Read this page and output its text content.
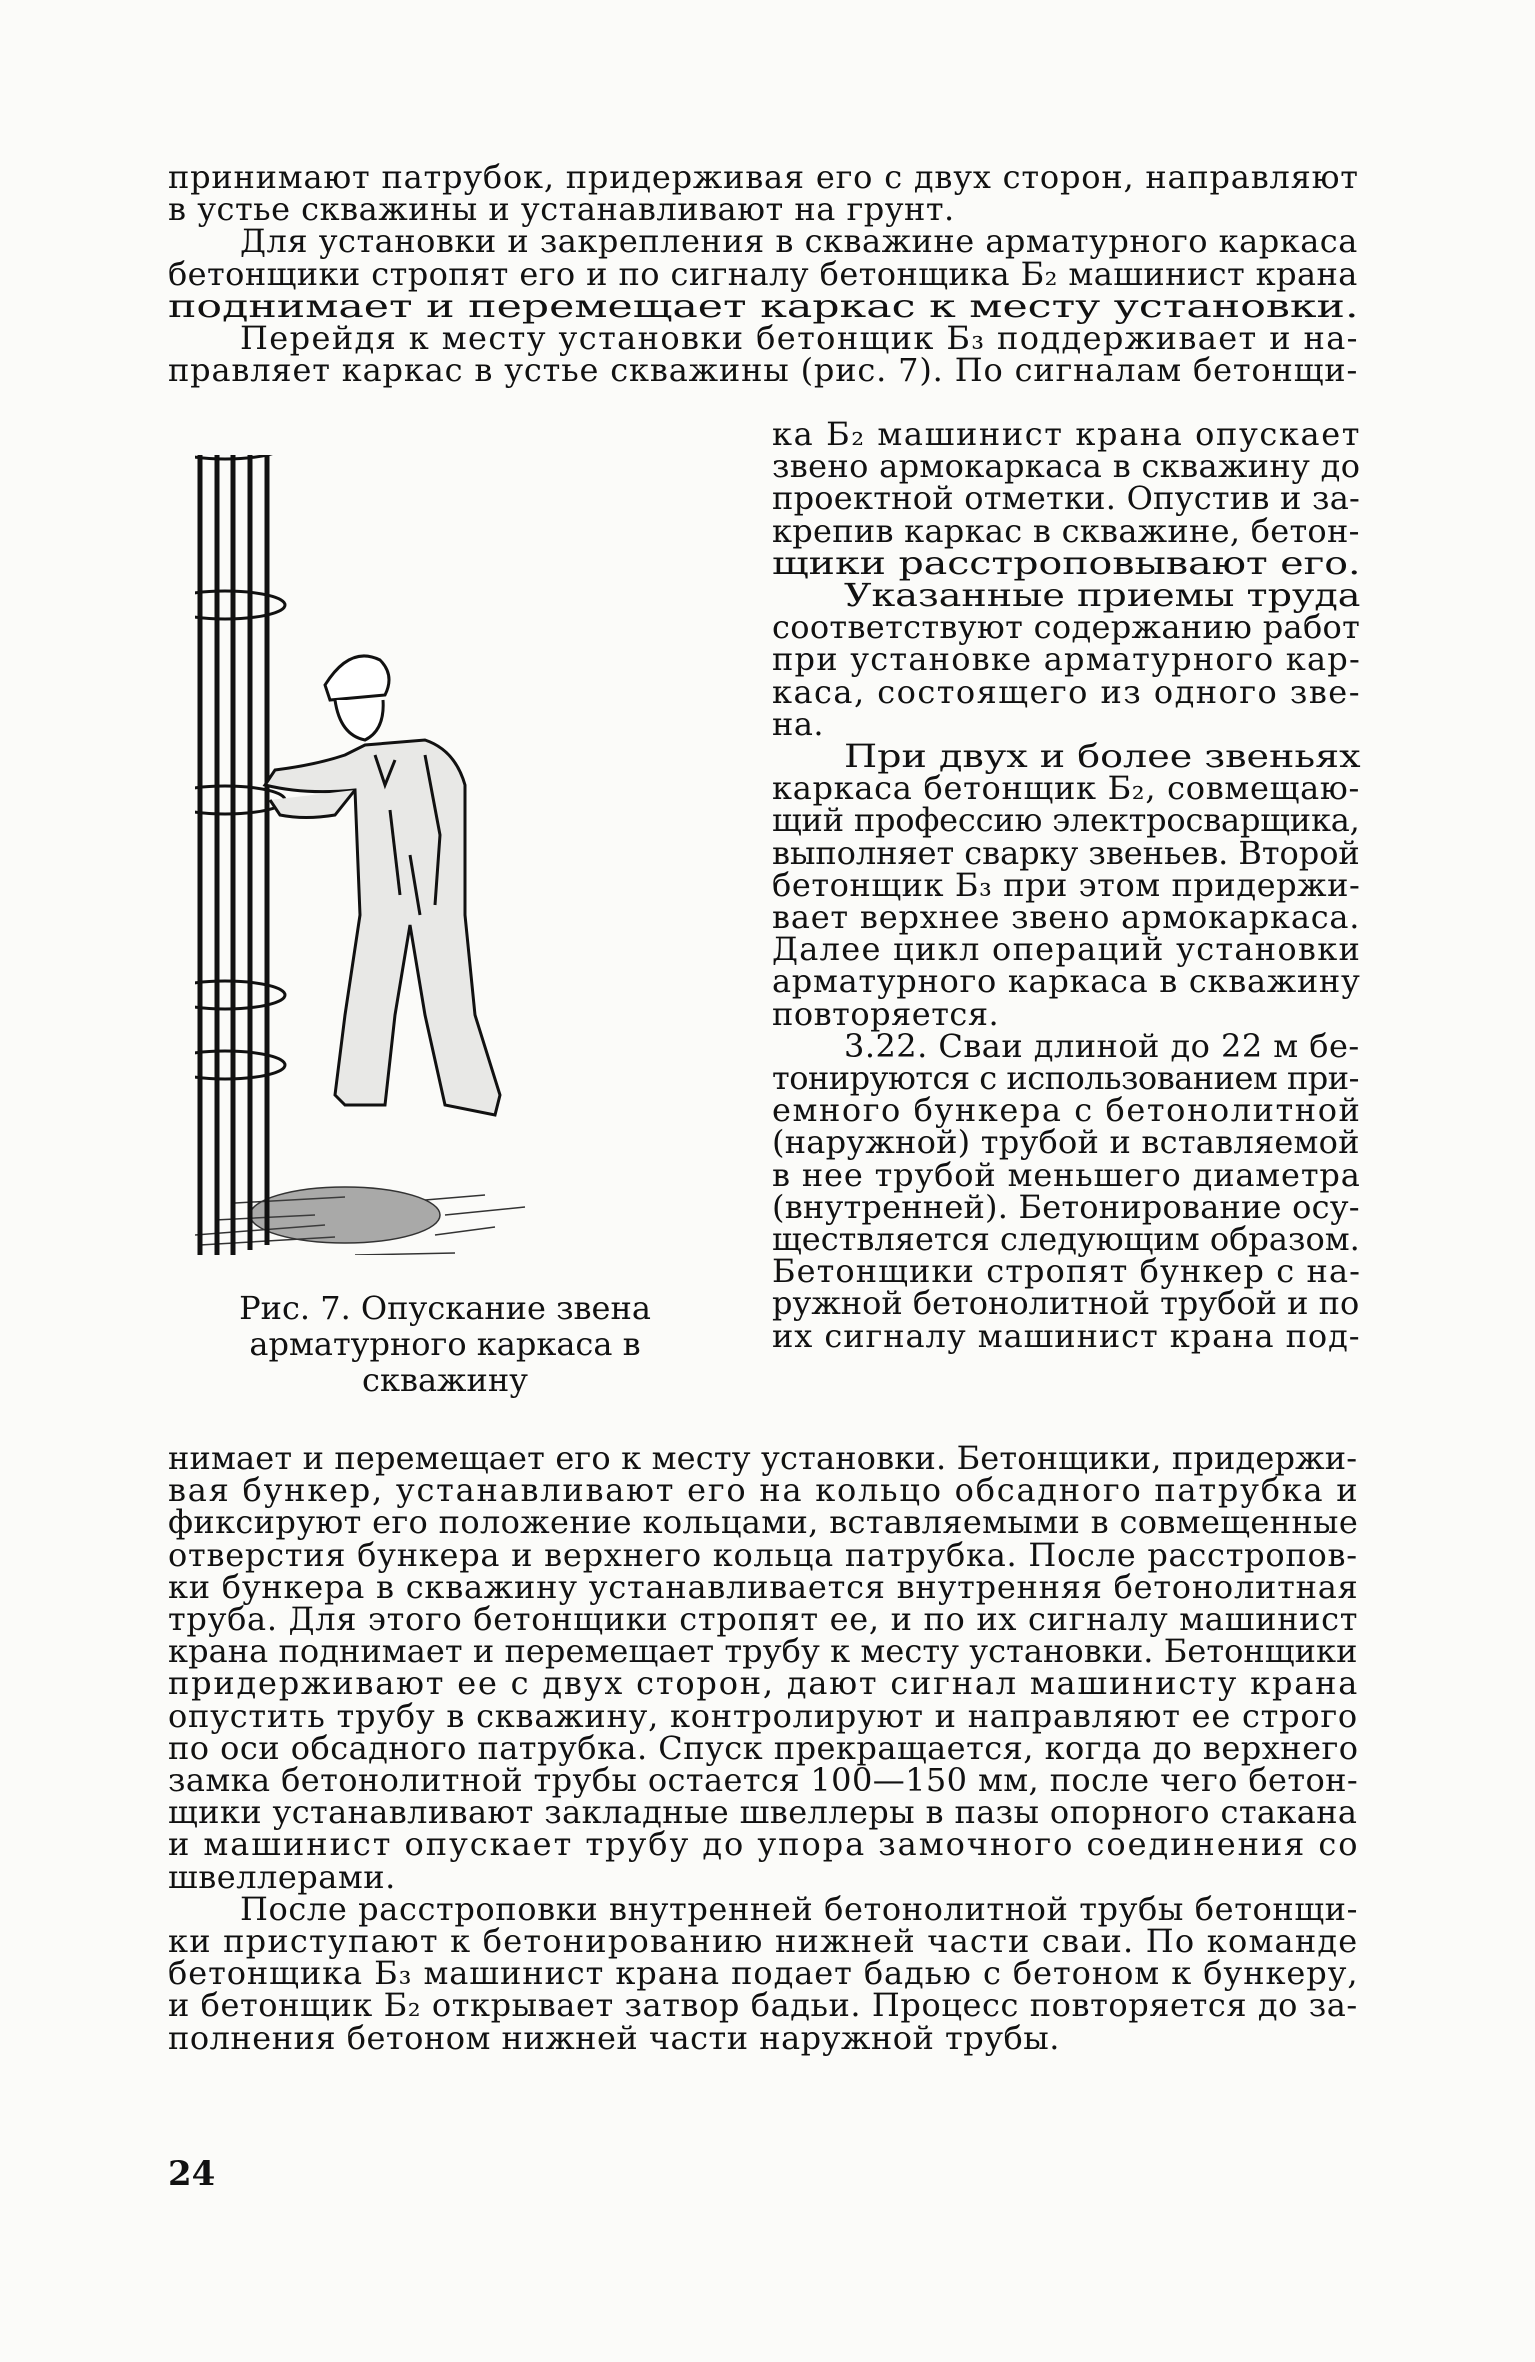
принимают патрубок, придерживая его с двух сторон, направляют
в устье скважины и устанавливают на грунт.
Для установки и закрепления в скважине арматурного каркаса
бетонщики стропят его и по сигналу бетонщика Б₂ машинист крана
поднимает и перемещает каркас к месту установки.
Перейдя к месту установки бетонщик Б₃ поддерживает и на-
правляет каркас в устье скважины (рис. 7). По сигналам бетонщи-
ка Б₂ машинист крана опускает
звено армокаркаса в скважину до
проектной отметки. Опустив и за-
крепив каркас в скважине, бетон-
щики расстроповывают его.
Указанные приемы труда
соответствуют содержанию работ
при установке арматурного кар-
каса, состоящего из одного зве-
на.
При двух и более звеньях
каркаса бетонщик Б₂, совмещаю-
щий профессию электросварщика,
выполняет сварку звеньев. Второй
бетонщик Б₃ при этом придержи-
вает верхнее звено армокаркаса.
Далее цикл операций установки
арматурного каркаса в скважину
повторяется.
3.22. Сваи длиной до 22 м бе-
тонируются с использованием при-
емного бункера с бетонолитной
(наружной) трубой и вставляемой
в нее трубой меньшего диаметра
(внутренней). Бетонирование осу-
ществляется следующим образом.
Бетонщики стропят бункер с на-
ружной бетонолитной трубой и по
их сигналу машинист крана под-
Рис. 7. Опускание звена
арматурного каркаса в
скважину
нимает и перемещает его к месту установки. Бетонщики, придержи-
вая бункер, устанавливают его на кольцо обсадного патрубка и
фиксируют его положение кольцами, вставляемыми в совмещенные
отверстия бункера и верхнего кольца патрубка. После расстропов-
ки бункера в скважину устанавливается внутренняя бетонолитная
труба. Для этого бетонщики стропят ее, и по их сигналу машинист
крана поднимает и перемещает трубу к месту установки. Бетонщики
придерживают ее с двух сторон, дают сигнал машинисту крана
опустить трубу в скважину, контролируют и направляют ее строго
по оси обсадного патрубка. Спуск прекращается, когда до верхнего
замка бетонолитной трубы остается 100—150 мм, после чего бетон-
щики устанавливают закладные швеллеры в пазы опорного стакана
и машинист опускает трубу до упора замочного соединения со
швеллерами.
После расстроповки внутренней бетонолитной трубы бетонщи-
ки приступают к бетонированию нижней части сваи. По команде
бетонщика Б₃ машинист крана подает бадью с бетоном к бункеру,
и бетонщик Б₂ открывает затвор бадьи. Процесс повторяется до за-
полнения бетоном нижней части наружной трубы.
24
